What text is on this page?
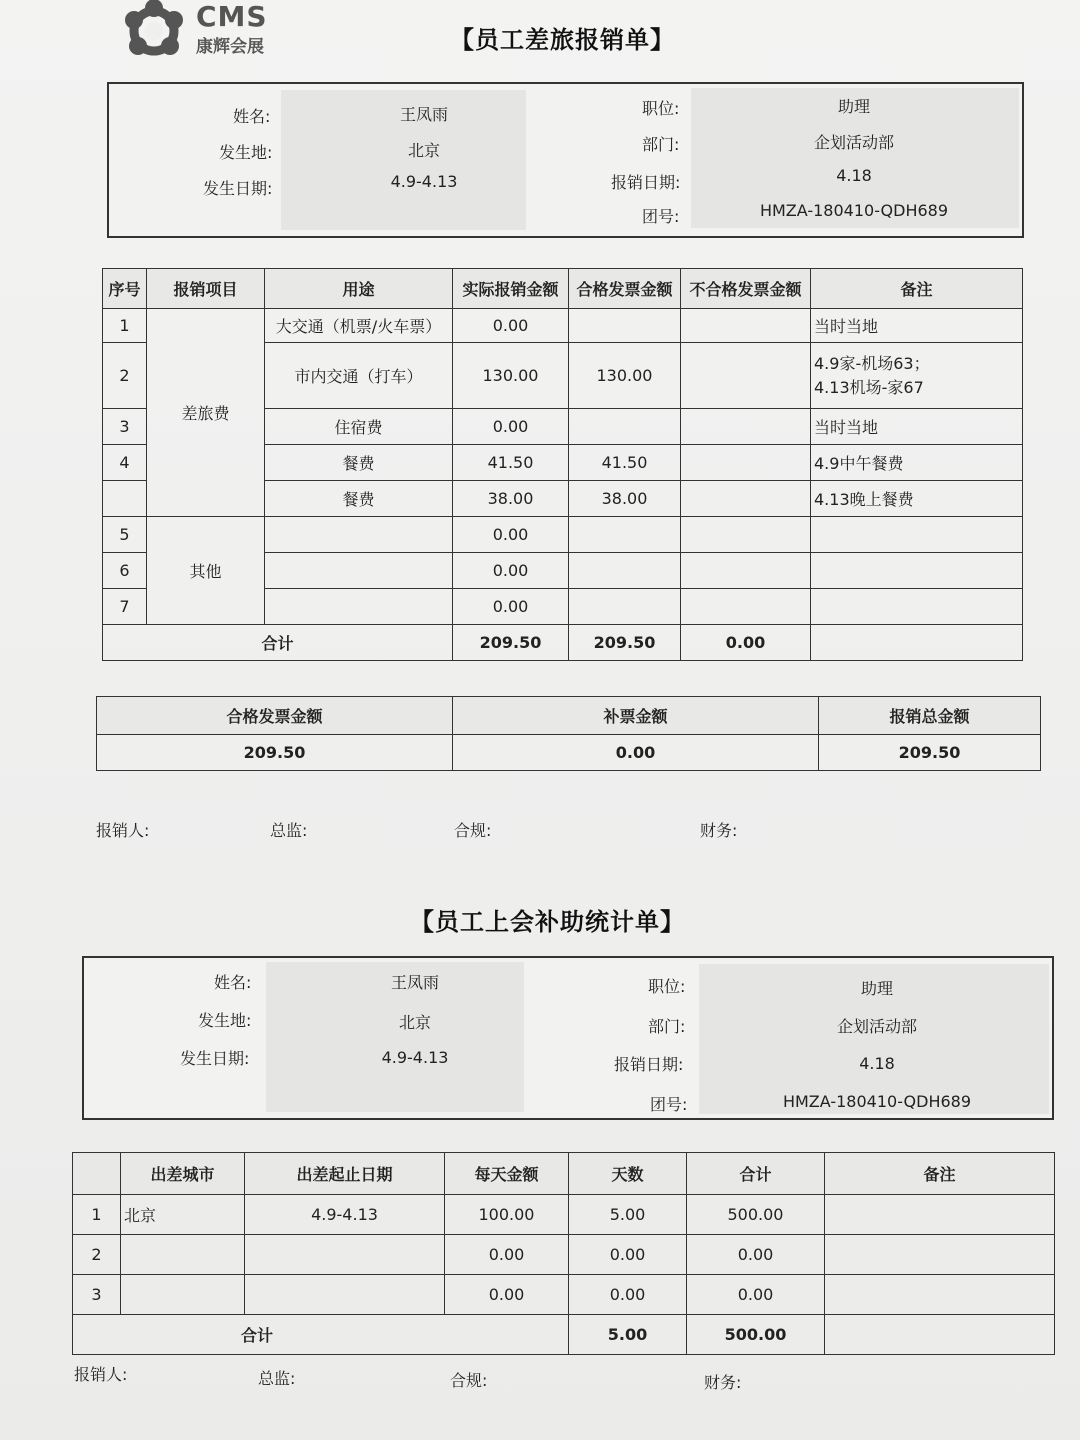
CMS
康辉会展	【员工差旅报销单】
姓名:	王凤雨
发生地:	北京
发生日期:	4.9-4.13
职位:	助理
部门:	企划活动部
报销日期:	4.18
团号:	HMZA-180410-QDH689
序号	报销项目	用途	实际报销金额	合格发票金额	不合格发票金额	备注
1	差旅费	大交通（机票/火车票）	0.00			当时当地
2		市内交通（打车）	130.00	130.00		4.9家-机场63；
4.13机场-家67
3		住宿费	0.00			当时当地
4		餐费	41.50	41.50		4.9中午餐费
		餐费	38.00	38.00		4.13晚上餐费
5	其他		0.00			
6			0.00			
7			0.00			
合计			209.50	209.50	0.00	
合格发票金额	补票金额	报销总金额
209.50	0.00	209.50
报销人:	总监:	合规:	财务:
【员工上会补助统计单】
姓名:	王凤雨
发生地:	北京
发生日期:	4.9-4.13
职位:	助理
部门:	企划活动部
报销日期:	4.18
团号:	HMZA-180410-QDH689
	出差城市	出差起止日期	每天金额	天数	合计	备注
1	北京	4.9-4.13	100.00	5.00	500.00	
2			0.00	0.00	0.00	
3			0.00	0.00	0.00	
合计				5.00	500.00	
报销人:	总监:	合规:	财务:
